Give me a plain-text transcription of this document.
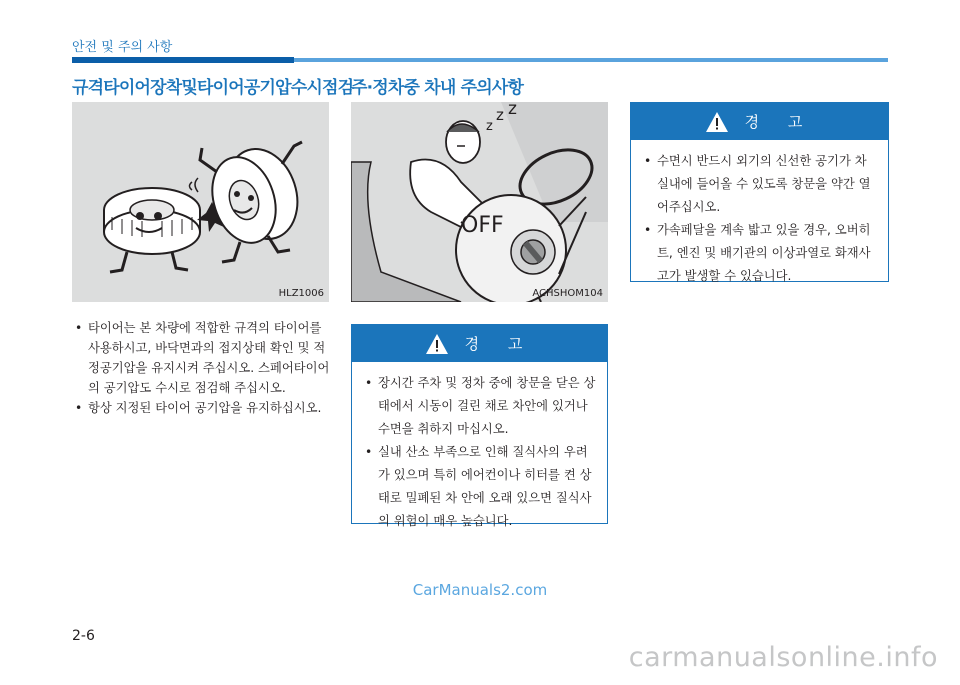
안전 및 주의 사항
규격타이어장착및타이어공기압수시점검
HLZ1006
• 타이어는 본 차량에 적합한 규격의 타이어를 사용하시고, 바닥면과의 접지상태 확인 및 적정공기압을 유지시켜 주십시오. 스페어타이어의 공기압도 수시로 점검해 주십시오.
• 항상 지정된 타이어 공기압을 유지하십시오.
주·정차중 차내 주의사항
z
z z
OFF
ACHSHOM104
경 고
• 장시간 주차 및 정차 중에 창문을 닫은 상태에서 시동이 걸린 채로 차안에 있거나 수면을 취하지 마십시오.
• 실내 산소 부족으로 인해 질식사의 우려가 있으며 특히 에어컨이나 히터를 켠 상태로 밀폐된 차 안에 오래 있으면 질식사의 위험이 매우 높습니다.
경 고
• 수면시 반드시 외기의 신선한 공기가 차 실내에 들어올 수 있도록 창문을 약간 열어주십시오.
• 가속페달을 계속 밟고 있을 경우, 오버히트, 엔진 및 배기관의 이상과열로 화재사고가 발생할 수 있습니다.
CarManuals2.com
2-6
carmanualsonline.info
